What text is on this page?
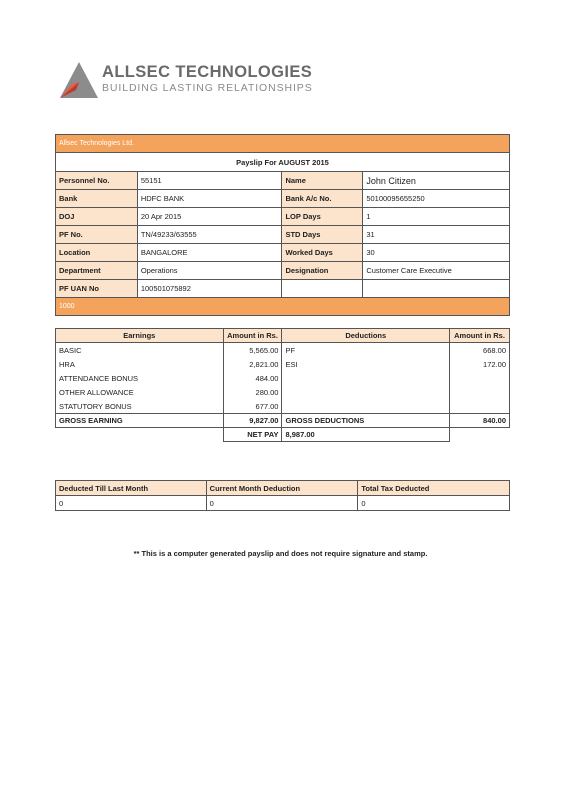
ALLSEC TECHNOLOGIES
BUILDING LASTING RELATIONSHIPS
Allsec Technologies Ltd.			
Payslip For AUGUST 2015			
Personnel No.	55151	Name	John Citizen
Bank	HDFC BANK	Bank A/c No.	50100095655250
DOJ	20 Apr 2015	LOP Days	1
PF No.	TN/49233/63555	STD Days	31
Location	BANGALORE	Worked Days	30
Department	Operations	Designation	Customer Care Executive
PF UAN No	100501075892		
1000			
Earnings	Amount in Rs.	Deductions	Amount in Rs.
BASIC	5,565.00	PF	668.00
HRA	2,821.00	ESI	172.00
ATTENDANCE BONUS	484.00		
OTHER ALLOWANCE	280.00		
STATUTORY BONUS	677.00		
GROSS EARNING	9,827.00	GROSS DEDUCTIONS	840.00
	NET PAY	8,987.00	
Deducted Till Last Month	Current Month Deduction	Total Tax Deducted
0	0	0
** This is a computer generated payslip and does not require signature and stamp.
